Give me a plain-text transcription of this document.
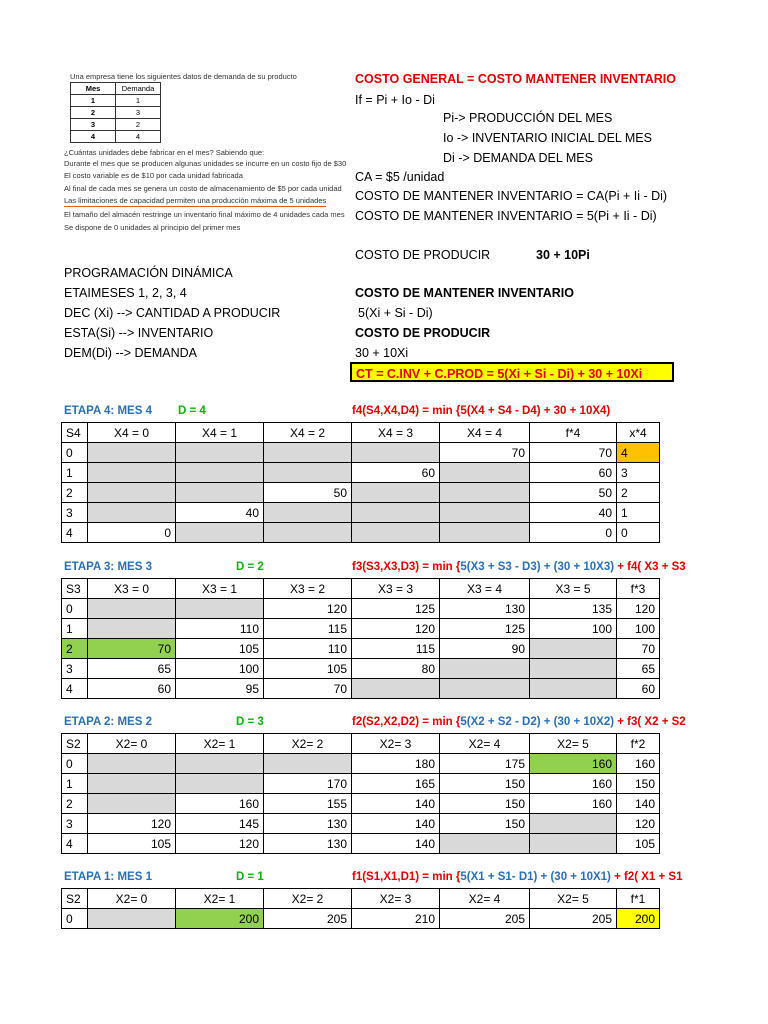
Una empresa tiene los siguientes datos de demanda de su producto
Mes	Demanda
1	1
2	3
3	2
4	4
¿Cuántas unidades debe fabricar en el mes? Sabiendo que:
Durante el mes que se producen algunas unidades se incurre en un costo fijo de $30
El costo variable es de $10 por cada unidad fabricada
Al final de cada mes se genera un costo de almacenamiento de $5 por cada unidad
Las limitaciones de capacidad permiten una producción máxima de 5 unidades
El tamaño del almacén restringe un inventario final máximo de 4 unidades cada mes
Se dispone de 0 unidades al principio del primer mes
COSTO GENERAL = COSTO MANTENER INVENTARIO
If = Pi + Io - Di
Pi-> PRODUCCIÓN DEL MES
Io -> INVENTARIO INICIAL DEL MES
Di -> DEMANDA DEL MES
CA = $5 /unidad
COSTO DE MANTENER INVENTARIO = CA(Pi + Ii - Di)
COSTO DE MANTENER INVENTARIO = 5(Pi + Ii - Di)
COSTO DE PRODUCIR	30 + 10Pi
PROGRAMACIÓN DINÁMICA
ETAIMESES 1, 2, 3, 4
DEC (Xi) --> CANTIDAD A PRODUCIR
ESTA(Si) --> INVENTARIO
DEM(Di) --> DEMANDA
COSTO DE MANTENER INVENTARIO
5(Xi + Si - Di)
COSTO DE PRODUCIR
30 + 10Xi
CT = C.INV + C.PROD = 5(Xi + Si - Di) + 30 + 10Xi
ETAPA 4: MES 4 D = 4	f4(S4,X4,D4) = min {5(X4 + S4 - D4) + 30 + 10X4)
S4	X4 = 0	X4 = 1	X4 = 2	X4 = 3	X4 = 4	f*4	x*4
0					70	70	4
1				60		60	3
2			50			50	2
3		40				40	1
4	0					0	0
ETAPA 3: MES 3	D = 2	f3(S3,X3,D3) = min {5(X3 + S3 - D3) + (30 + 10X3) + f4( X3 + S3
S3	X3 = 0	X3 = 1	X3 = 2	X3 = 3	X3 = 4	X3 = 5	f*3
0			120	125	130	135	120
1		110	115	120	125	100	100
2	70	105	110	115	90		70
3	65	100	105	80			65
4	60	95	70				60
ETAPA 2: MES 2	D = 3	f2(S2,X2,D2) = min {5(X2 + S2 - D2) + (30 + 10X2) + f3( X2 + S2
S2	X2= 0	X2= 1	X2= 2	X2= 3	X2= 4	X2= 5	f*2
0				180	175	160	160
1			170	165	150	160	150
2		160	155	140	150	160	140
3	120	145	130	140	150		120
4	105	120	130	140			105
ETAPA 1: MES 1	D = 1	f1(S1,X1,D1) = min {5(X1 + S1- D1) + (30 + 10X1) + f2( X1 + S1
S2	X2= 0	X2= 1	X2= 2	X2= 3	X2= 4	X2= 5	f*1
0		200	205	210	205	205	200
